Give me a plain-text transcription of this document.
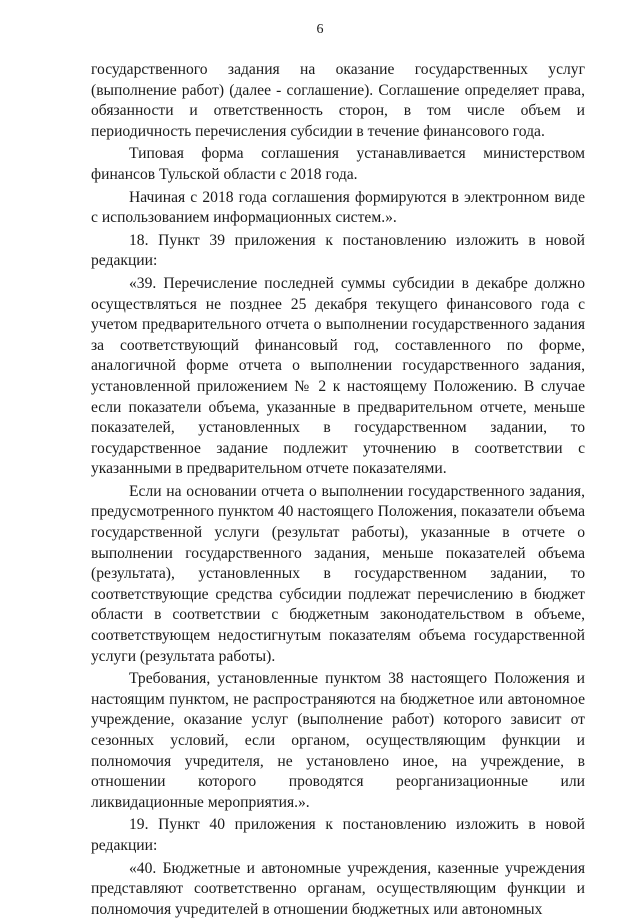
6

государственного задания на оказание государственных услуг (выполнение работ) (далее - соглашение). Соглашение определяет права, обязанности и ответственность сторон, в том числе объем и периодичность перечисления субсидии в течение финансового года.

Типовая форма соглашения устанавливается министерством финансов Тульской области с 2018 года.

Начиная с 2018 года соглашения формируются в электронном виде с использованием информационных систем.».

18. Пункт 39 приложения к постановлению изложить в новой редакции:

«39. Перечисление последней суммы субсидии в декабре должно осуществляться не позднее 25 декабря текущего финансового года с учетом предварительного отчета о выполнении государственного задания за соответствующий финансовый год, составленного по форме, аналогичной форме отчета о выполнении государственного задания, установленной приложением № 2 к настоящему Положению. В случае если показатели объема, указанные в предварительном отчете, меньше показателей, установленных в государственном задании, то государственное задание подлежит уточнению в соответствии с указанными в предварительном отчете показателями.

Если на основании отчета о выполнении государственного задания, предусмотренного пунктом 40 настоящего Положения, показатели объема государственной услуги (результат работы), указанные в отчете о выполнении государственного задания, меньше показателей объема (результата), установленных в государственном задании, то соответствующие средства субсидии подлежат перечислению в бюджет области в соответствии с бюджетным законодательством в объеме, соответствующем недостигнутым показателям объема государственной услуги (результата работы).

Требования, установленные пунктом 38 настоящего Положения и настоящим пунктом, не распространяются на бюджетное или автономное учреждение, оказание услуг (выполнение работ) которого зависит от сезонных условий, если органом, осуществляющим функции и полномочия учредителя, не установлено иное, на учреждение, в отношении которого проводятся реорганизационные или ликвидационные мероприятия.».

19. Пункт 40 приложения к постановлению изложить в новой редакции:

«40. Бюджетные и автономные учреждения, казенные учреждения представляют соответственно органам, осуществляющим функции и полномочия учредителей в отношении бюджетных или автономных
